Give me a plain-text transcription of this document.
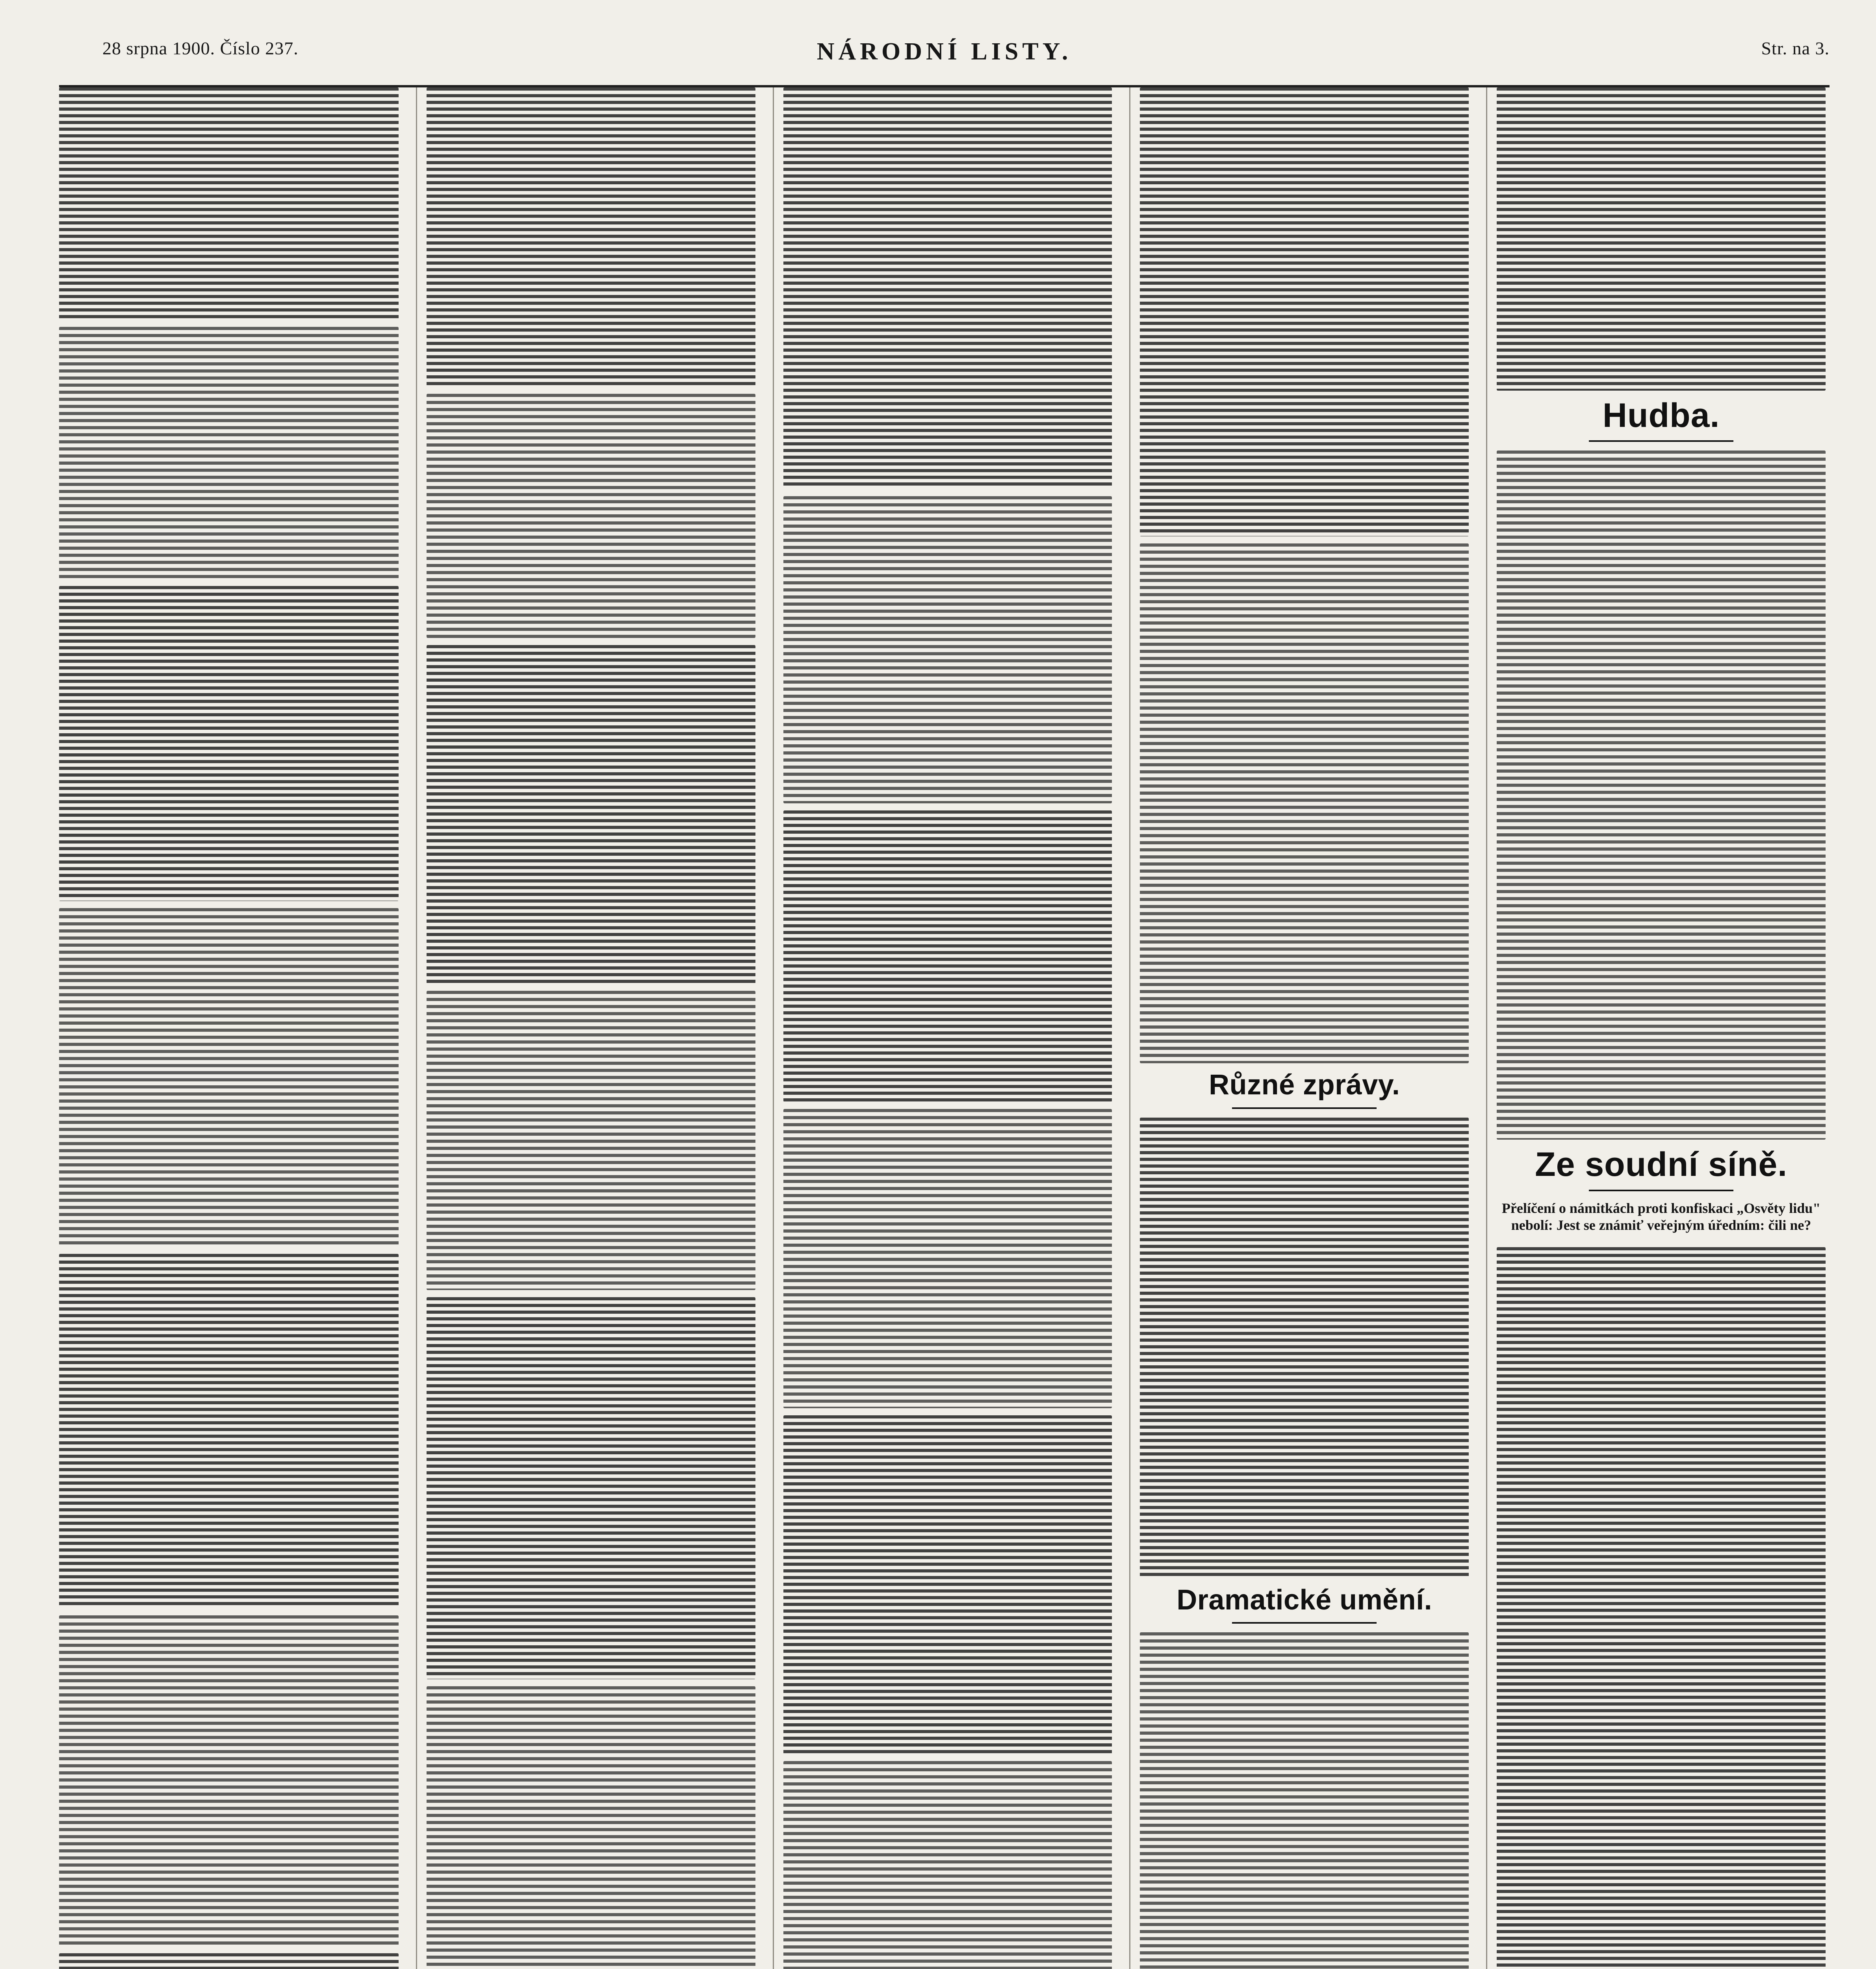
28 srpna 1900. Číslo 237.	NÁRODNÍ LISTY.	Str. na 3.
Různé zprávy.
Dramatické umění.
Hudba.
Ze soudní síně.
Přelíčení o námitkách proti konfiskaci „Osvěty lidu" nebolí: Jest se známiť veřejným úředním: čili ne?
